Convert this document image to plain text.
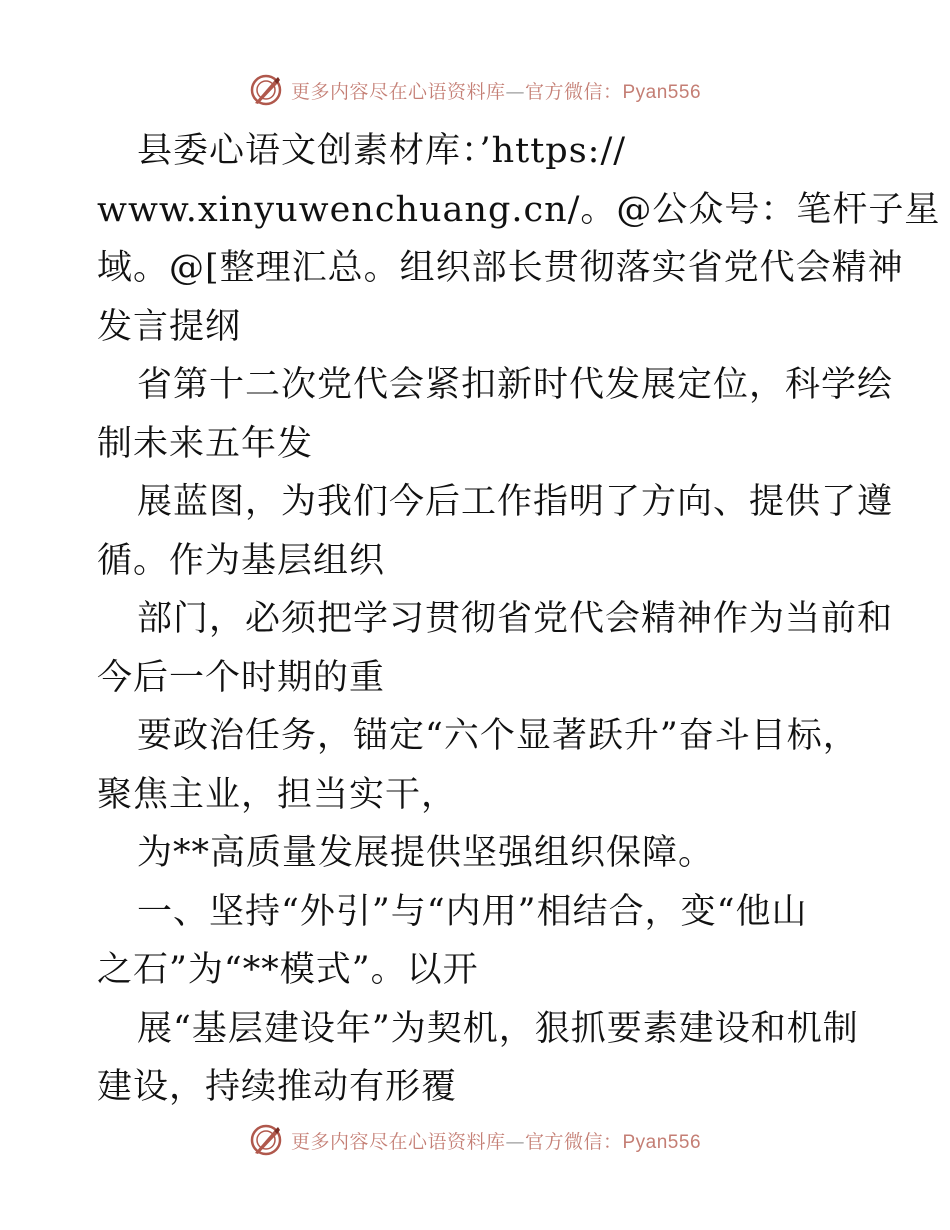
更多内容尽在心语资料库—官方微信：Pyan556

县委心语文创素材库：’https://
www.xinyuwenchuang.cn/。@公众号：笔杆子星
域。@[整理汇总。组织部长贯彻落实省党代会精神
发言提纲

省第十二次党代会紧扣新时代发展定位，科学绘
制未来五年发

展蓝图，为我们今后工作指明了方向、提供了遵
循。作为基层组织

部门，必须把学习贯彻省党代会精神作为当前和
今后一个时期的重

要政治任务，锚定“六个显著跃升”奋斗目标，
聚焦主业，担当实干，

为**高质量发展提供坚强组织保障。

一、坚持“外引”与“内用”相结合，变“他山
之石”为“**模式”。以开

展“基层建设年”为契机，狠抓要素建设和机制
建设，持续推动有形覆

更多内容尽在心语资料库—官方微信：Pyan556
